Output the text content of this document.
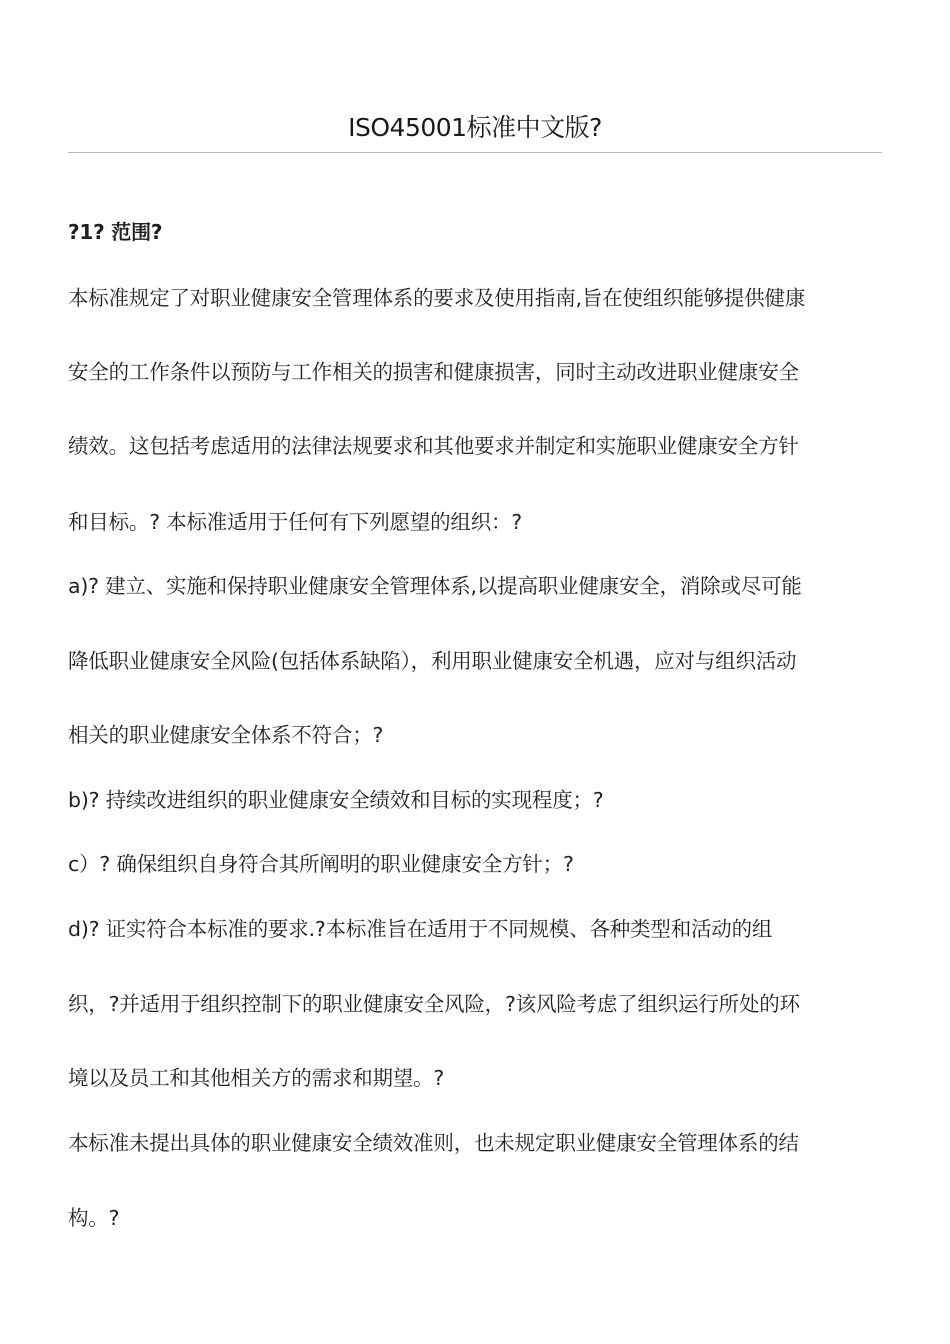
ISO45001标准中文版?
?1? 范围?
本标准规定了对职业健康安全管理体系的要求及使用指南,旨在使组织能够提供健康
安全的工作条件以预防与工作相关的损害和健康损害，同时主动改进职业健康安全
绩效。这包括考虑适用的法律法规要求和其他要求并制定和实施职业健康安全方针
和目标。? 本标准适用于任何有下列愿望的组织：?
a)? 建立、实施和保持职业健康安全管理体系,以提高职业健康安全，消除或尽可能
降低职业健康安全风险(包括体系缺陷），利用职业健康安全机遇，应对与组织活动
相关的职业健康安全体系不符合；?
b)? 持续改进组织的职业健康安全绩效和目标的实现程度；?
c）? 确保组织自身符合其所阐明的职业健康安全方针；?
d)? 证实符合本标准的要求.?本标准旨在适用于不同规模、各种类型和活动的组
织，?并适用于组织控制下的职业健康安全风险，?该风险考虑了组织运行所处的环
境以及员工和其他相关方的需求和期望。?
本标准未提出具体的职业健康安全绩效准则，也未规定职业健康安全管理体系的结
构。?
